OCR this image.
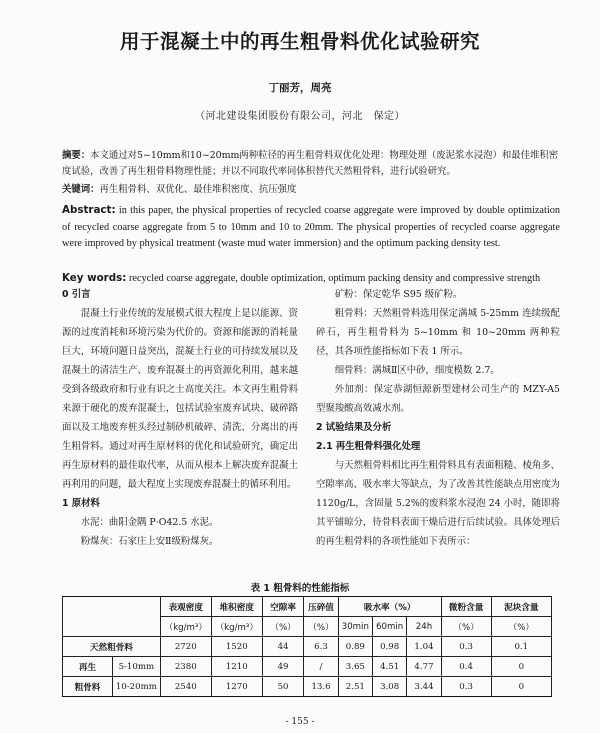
用于混凝土中的再生粗骨料优化试验研究
丁丽芳，周亮
（河北建设集团股份有限公司，河北　保定）
摘要：本文通过对5~10mm和10~20mm两种粒径的再生粗骨料双优化处理：物理处理（废泥浆水浸泡）和最佳堆积密度试验，改善了再生粗骨料物理性能；并以不同取代率同体积替代天然粗骨料，进行试验研究。
关键词：再生粗骨料、双优化、最佳堆积密度、抗压强度
Abstract: in this paper, the physical properties of recycled coarse aggregate were improved by double optimization of recycled coarse aggregate from 5 to 10mm and 10 to 20mm. The physical properties of recycled coarse aggregate were improved by physical treatment (waste mud water immersion) and the optimum packing density test.
Key words: recycled coarse aggregate, double optimization, optimum packing density and compressive strength

0 引言

混凝土行业传统的发展模式很大程度上是以能源、资源的过度消耗和环境污染为代价的。资源和能源的消耗量巨大，环境问题日益突出，混凝土行业的可持续发展以及混凝土的清洁生产、废弃混凝土的再资源化利用，越来越受到各级政府和行业有识之士高度关注。本文再生粗骨料来源于硬化的废弃混凝土，包括试验室废弃试块、破碎路面以及工地废弃桩头经过制砂机破碎、清洗、分离出的再生粗骨料。通过对再生原材料的优化和试验研究，确定出再生原材料的最佳取代率，从而从根本上解决废弃混凝土再利用的问题，最大程度上实现废弃混凝土的循环利用。

1 原材料

水泥：曲阳金隅 P·O42.5 水泥。

粉煤灰：石家庄上安Ⅱ级粉煤灰。

矿粉：保定乾华 S95 级矿粉。

粗骨料：天然粗骨料选用保定满城 5-25mm 连续级配碎石，再生粗骨料为 5~10mm 和 10~20mm 两种粒径，其各项性能指标如下表 1 所示。

细骨料：满城Ⅱ区中砂，细度模数 2.7。

外加剂：保定恭湖恒源新型建材公司生产的 MZY-A5 型聚羧酸高效减水剂。

2 试验结果及分析

2.1 再生粗骨料强化处理

与天然粗骨料相比再生粗骨料具有表面粗糙、棱角多、空隙率高、吸水率大等缺点，为了改善其性能缺点用密度为 1120g/L，含固量 5.2%的废料浆水浸泡 24 小时，随即将其平铺晾分，待骨料表面干燥后进行后续试验。具体处理后的再生粗骨料的各项性能如下表所示：

表 1 粗骨料的性能指标
		表观密度	堆积密度	空隙率	压碎值	吸水率（%）			微粉含量	泥块含量
		（kg/m³）	（kg/m³）	（%）	（%）	30min	60min	24h	（%）	（%）
天然粗骨料		2720	1520	44	6.3	0.89	0.98	1.04	0.3	0.1
再生	5-10mm	2380	1210	49	/	3.65	4.51	4.77	0.4	0
粗骨料	10-20mm	2540	1270	50	13.6	2.51	3.08	3.44	0.3	0
- 155 -
